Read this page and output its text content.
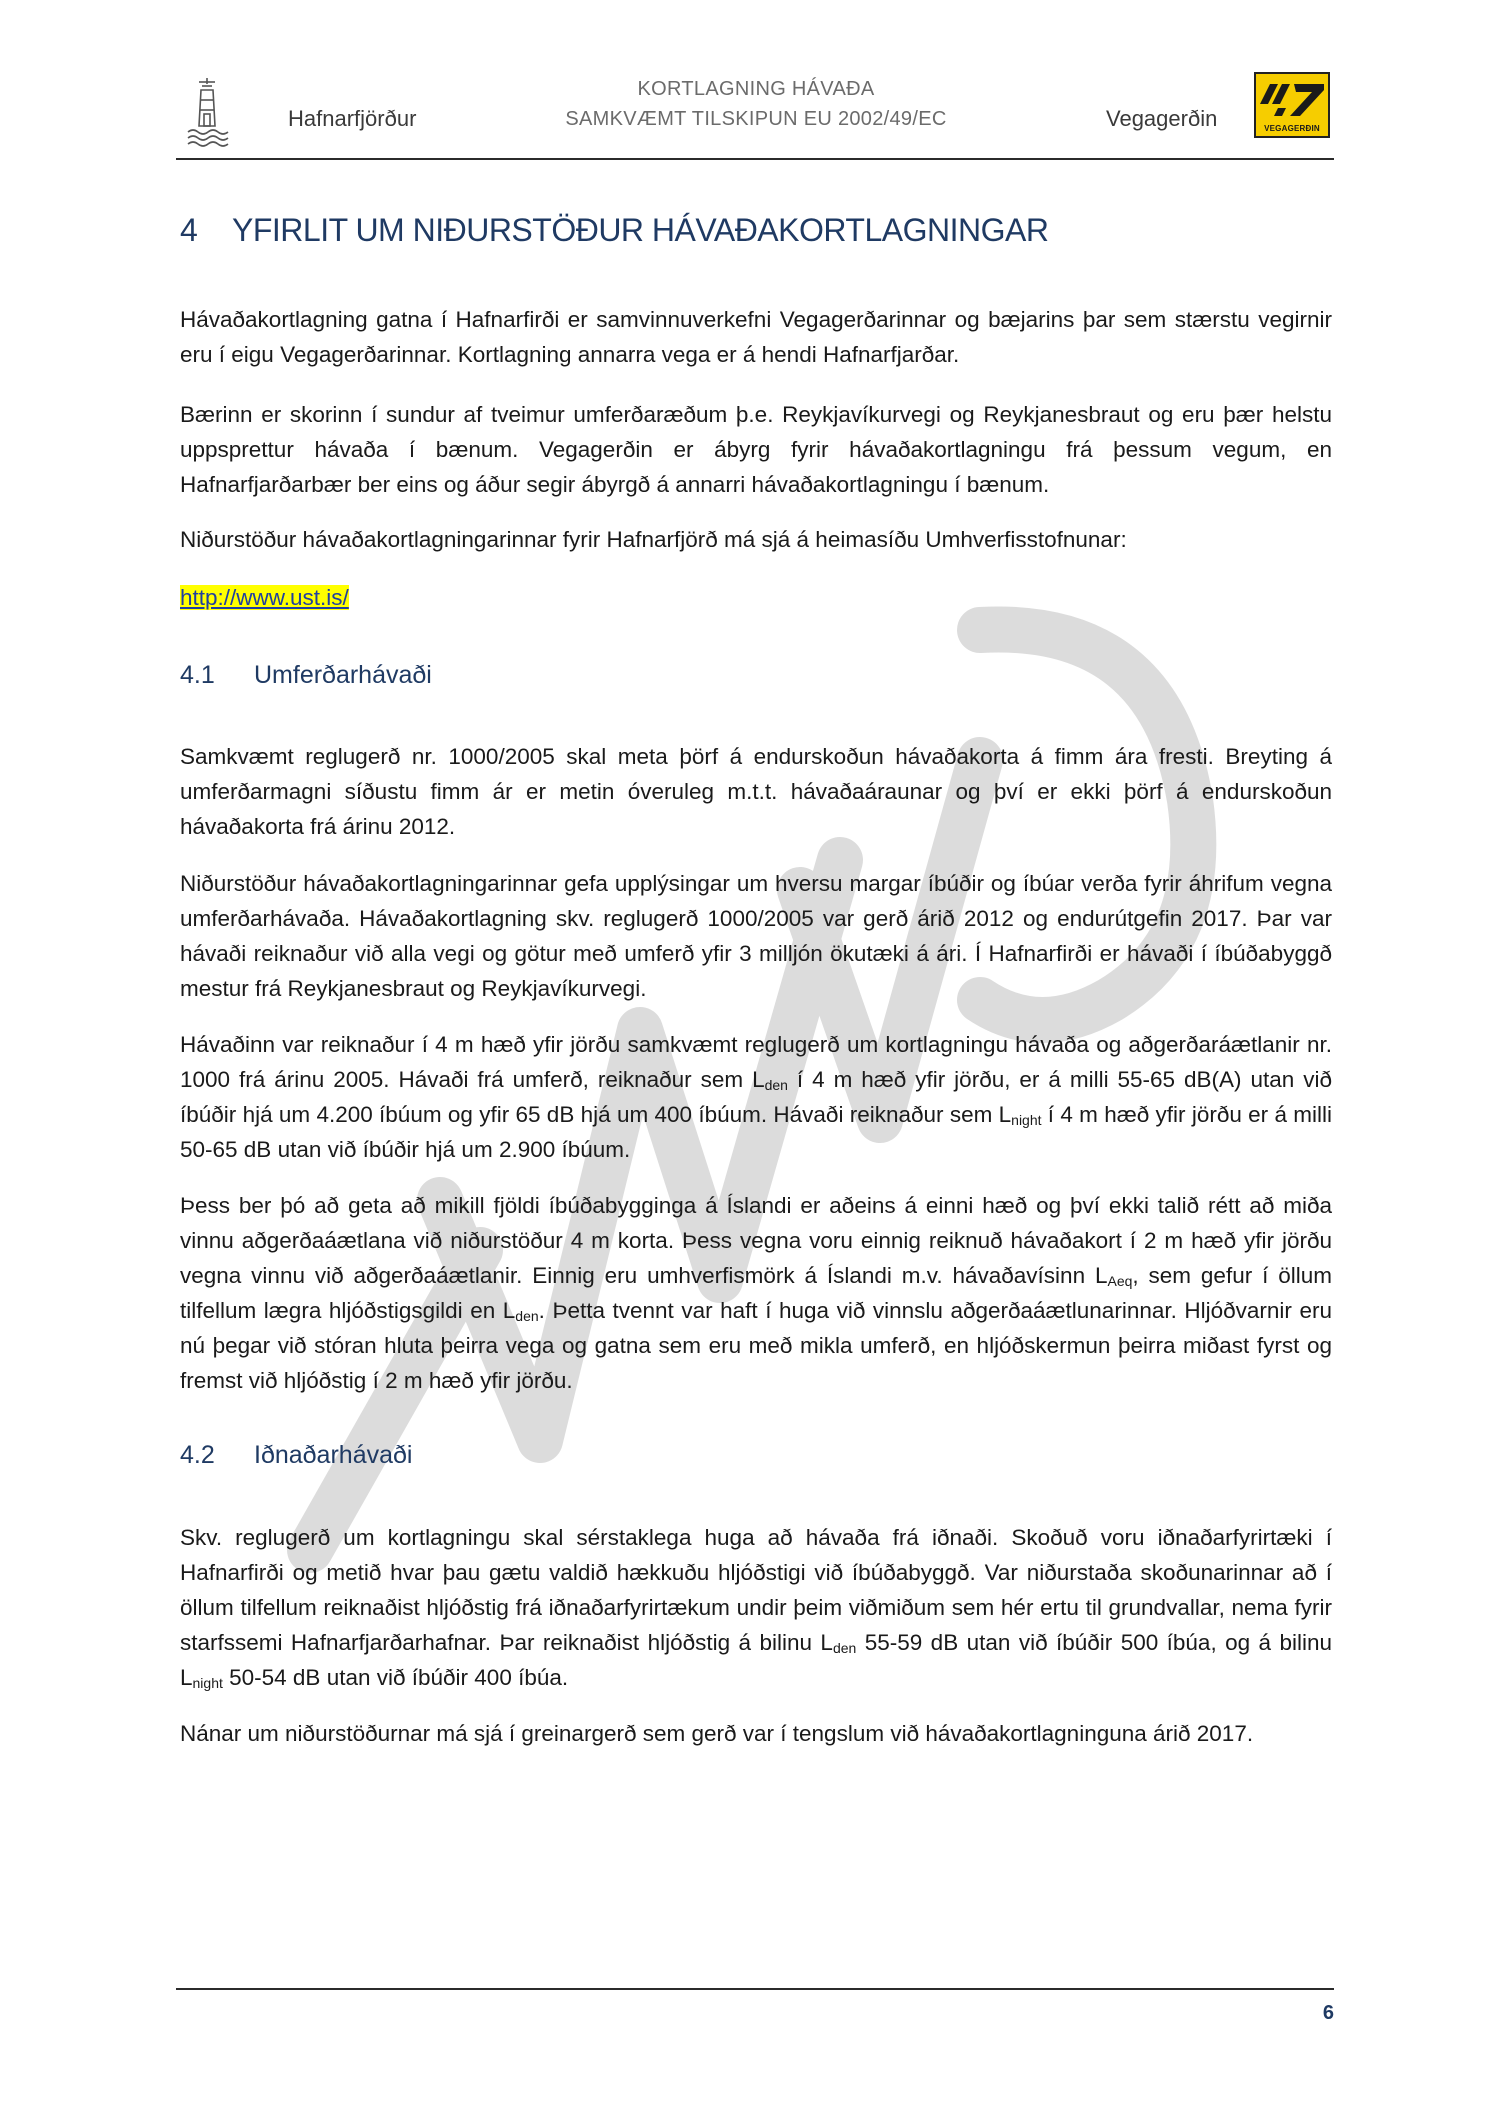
Hafnarfjörður
KORTLAGNING HÁVAÐA
SAMKVÆMT TILSKIPUN EU 2002/49/EC	Vegagerðin	VEGAGERÐIN
4 YFIRLIT UM NIÐURSTÖÐUR HÁVAÐAKORTLAGNINGAR

Hávaðakortlagning gatna í Hafnarfirði er samvinnuverkefni Vegagerðarinnar og bæjarins þar sem stærstu vegirnir eru í eigu Vegagerðarinnar. Kortlagning annarra vega er á hendi Hafnarfjarðar.

Bærinn er skorinn í sundur af tveimur umferðaræðum þ.e. Reykjavíkurvegi og Reykjanesbraut og eru þær helstu uppsprettur hávaða í bænum. Vegagerðin er ábyrg fyrir hávaðakortlagningu frá þessum vegum, en Hafnarfjarðarbær ber eins og áður segir ábyrgð á annarri hávaðakortlagningu í bænum.

Niðurstöður hávaðakortlagningarinnar fyrir Hafnarfjörð má sjá á heimasíðu Umhverfisstofnunar:

http://www.ust.is/

4.1 Umferðarhávaði

Samkvæmt reglugerð nr. 1000/2005 skal meta þörf á endurskoðun hávaðakorta á fimm ára fresti. Breyting á umferðarmagni síðustu fimm ár er metin óveruleg m.t.t. hávaðaáraunar og því er ekki þörf á endurskoðun hávaðakorta frá árinu 2012.

Niðurstöður hávaðakortlagningarinnar gefa upplýsingar um hversu margar íbúðir og íbúar verða fyrir áhrifum vegna umferðarhávaða. Hávaðakortlagning skv. reglugerð 1000/2005 var gerð árið 2012 og endurútgefin 2017. Þar var hávaði reiknaður við alla vegi og götur með umferð yfir 3 milljón ökutæki á ári. Í Hafnarfirði er hávaði í íbúðabyggð mestur frá Reykjanesbraut og Reykjavíkurvegi.

Hávaðinn var reiknaður í 4 m hæð yfir jörðu samkvæmt reglugerð um kortlagningu hávaða og aðgerðaráætlanir nr. 1000 frá árinu 2005. Hávaði frá umferð, reiknaður sem $L_{den}$ í 4 m hæð yfir jörðu, er á milli 55-65 dB(A) utan við íbúðir hjá um 4.200 íbúum og yfir 65 dB hjá um 400 íbúum. Hávaði reiknaður sem $L_{night}$ í 4 m hæð yfir jörðu er á milli 50-65 dB utan við íbúðir hjá um 2.900 íbúum.

Þess ber þó að geta að mikill fjöldi íbúðabygginga á Íslandi er aðeins á einni hæð og því ekki talið rétt að miða vinnu aðgerðaáætlana við niðurstöður 4 m korta. Þess vegna voru einnig reiknuð hávaðakort í 2 m hæð yfir jörðu vegna vinnu við aðgerðaáætlanir. Einnig eru umhverfismörk á Íslandi m.v. hávaðavísinn $L_{Aeq}$, sem gefur í öllum tilfellum lægra hljóðstigsgildi en $L_{den}$. Þetta tvennt var haft í huga við vinnslu aðgerðaáætlunarinnar. Hljóðvarnir eru nú þegar við stóran hluta þeirra vega og gatna sem eru með mikla umferð, en hljóðskermun þeirra miðast fyrst og fremst við hljóðstig í 2 m hæð yfir jörðu.

4.2 Iðnaðarhávaði

Skv. reglugerð um kortlagningu skal sérstaklega huga að hávaða frá iðnaði. Skoðuð voru iðnaðarfyrirtæki í Hafnarfirði og metið hvar þau gætu valdið hækkuðu hljóðstigi við íbúðabyggð. Var niðurstaða skoðunarinnar að í öllum tilfellum reiknaðist hljóðstig frá iðnaðarfyrirtækum undir þeim viðmiðum sem hér ertu til grundvallar, nema fyrir starfssemi Hafnarfjarðarhafnar. Þar reiknaðist hljóðstig á bilinu $L_{den}$ 55-59 dB utan við íbúðir 500 íbúa, og á bilinu $L_{night}$ 50-54 dB utan við íbúðir 400 íbúa.

Nánar um niðurstöðurnar má sjá í greinargerð sem gerð var í tengslum við hávaðakortlagninguna árið 2017.

6
